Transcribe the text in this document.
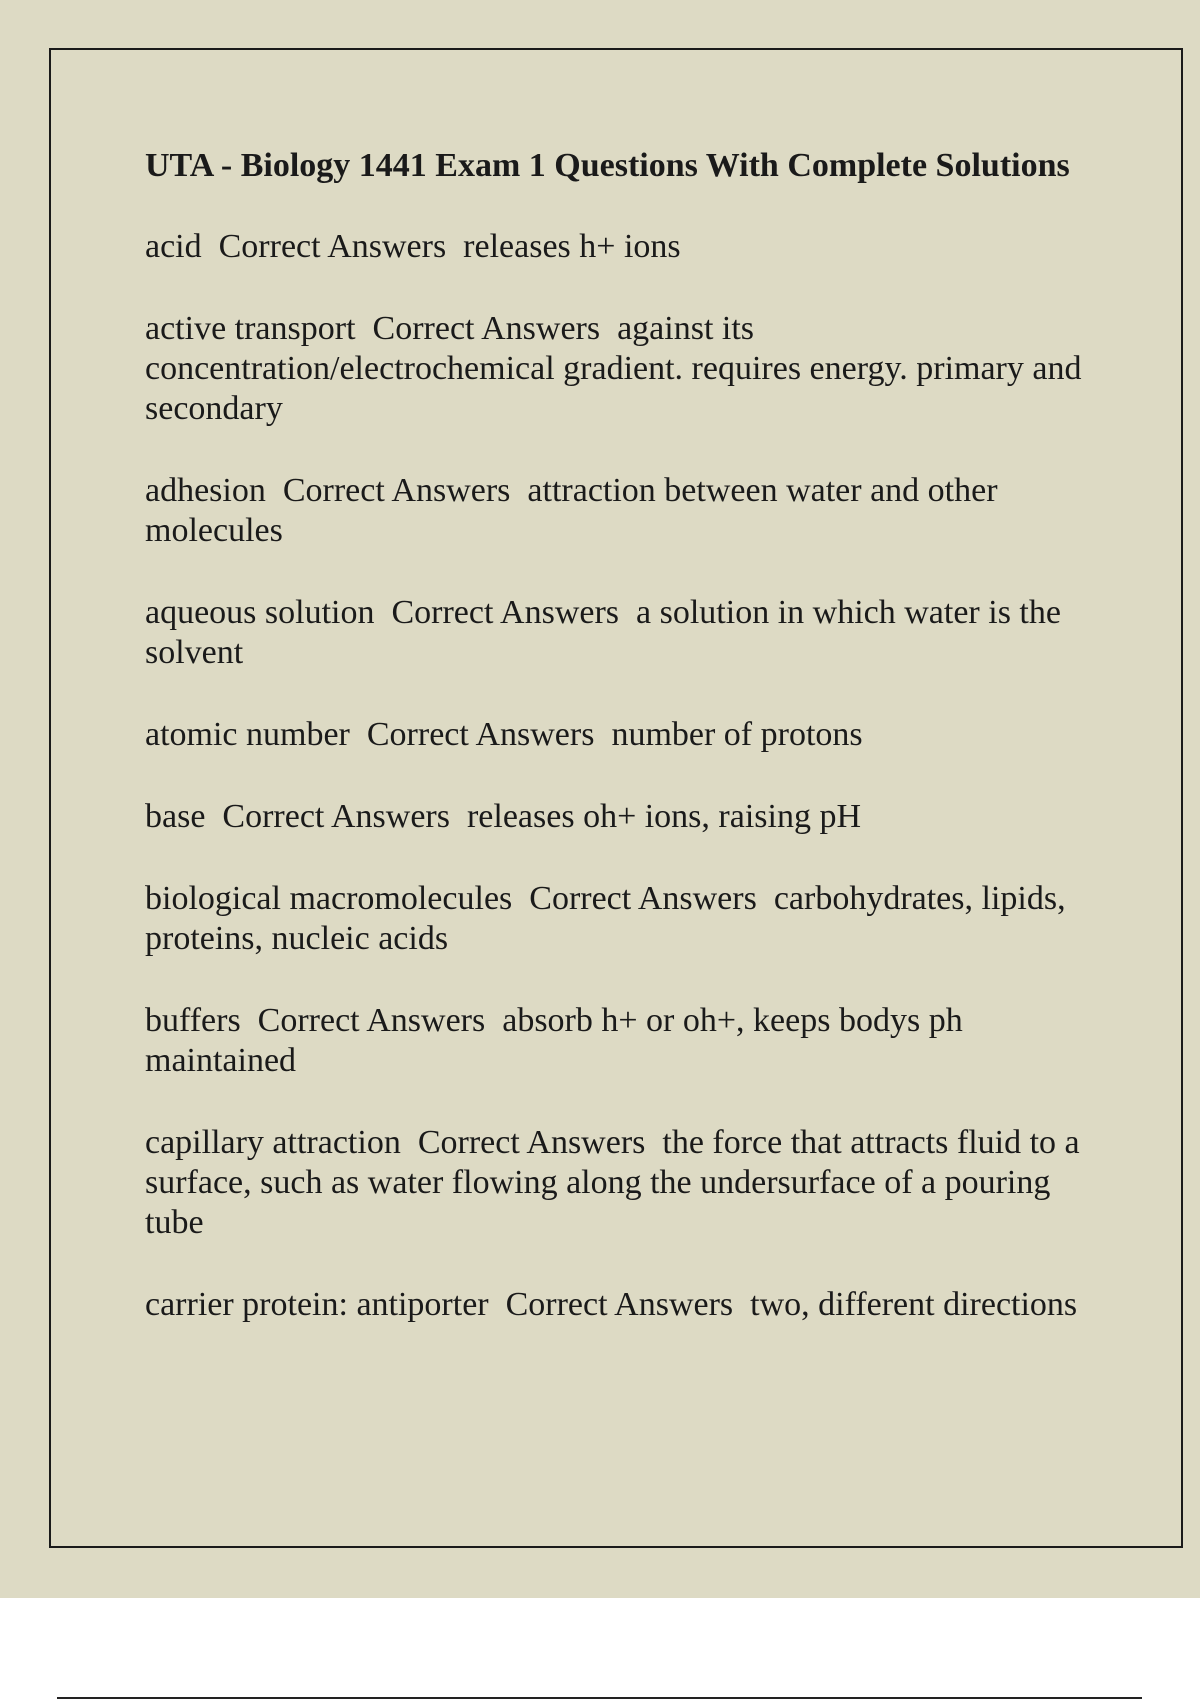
UTA - Biology 1441 Exam 1 Questions With Complete Solutions
acid  Correct Answers  releases h+ ions
active transport  Correct Answers  against its concentration/electrochemical gradient. requires energy. primary and secondary
adhesion  Correct Answers  attraction between water and other molecules
aqueous solution  Correct Answers  a solution in which water is the solvent
atomic number  Correct Answers  number of protons
base  Correct Answers  releases oh+ ions, raising pH
biological macromolecules  Correct Answers  carbohydrates, lipids, proteins, nucleic acids
buffers  Correct Answers  absorb h+ or oh+, keeps bodys ph maintained
capillary attraction  Correct Answers  the force that attracts fluid to a surface, such as water flowing along the undersurface of a pouring tube
carrier protein: antiporter  Correct Answers  two, different directions
